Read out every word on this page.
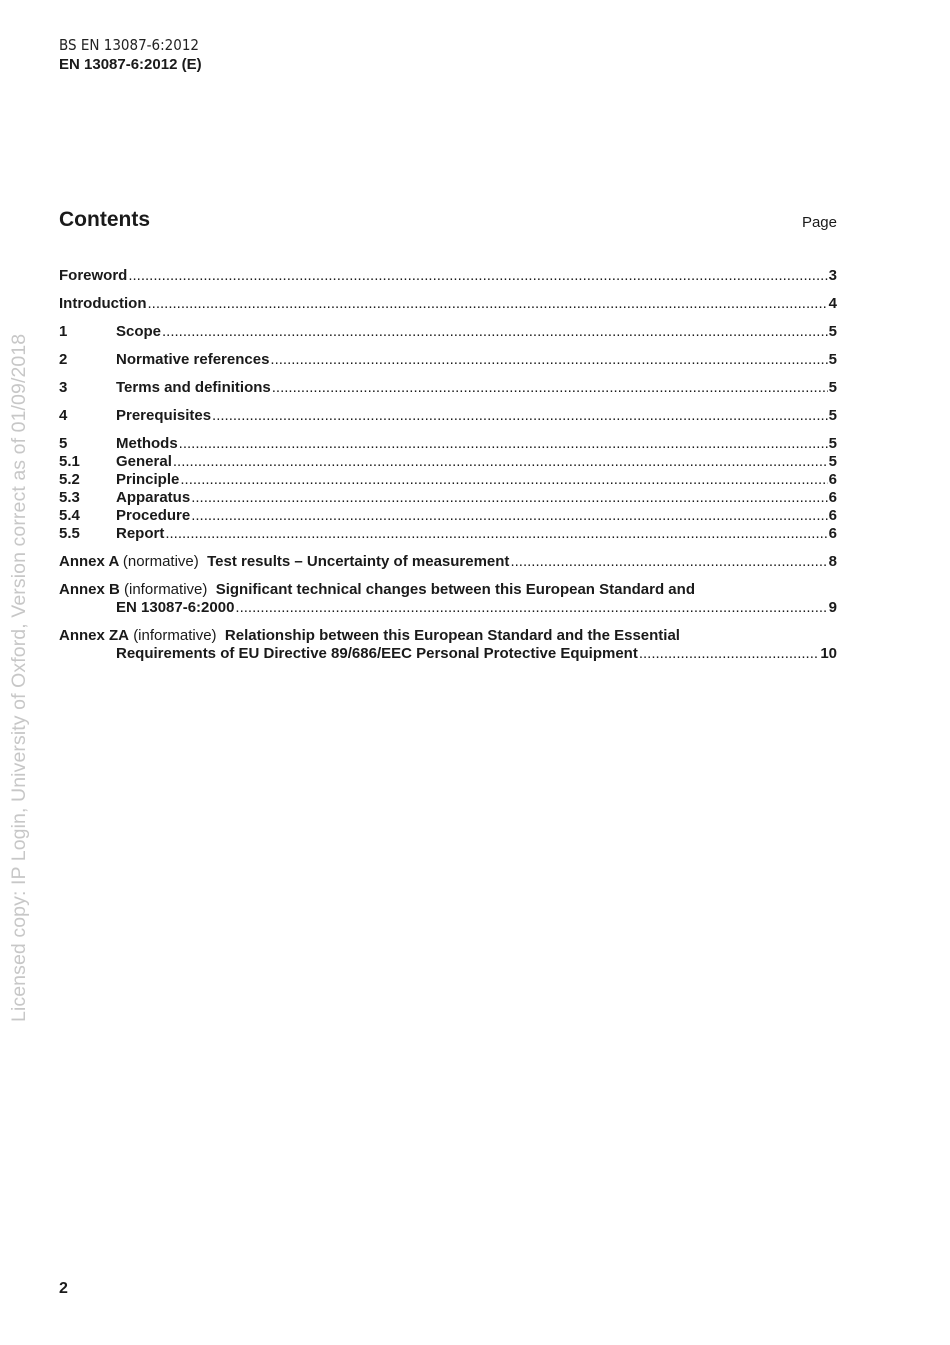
BS EN 13087-6:2012
EN 13087-6:2012 (E)
Contents	Page
Foreword .....	3
Introduction .....	4
1	Scope .....	5
2	Normative references .....	5
3	Terms and definitions .....	5
4	Prerequisites .....	5
5	Methods .....	5
5.1	General .....	5
5.2	Principle .....	6
5.3	Apparatus .....	6
5.4	Procedure .....	6
5.5	Report .....	6
Annex A (normative) Test results – Uncertainty of measurement .....	8
Annex B (informative) Significant technical changes between this European Standard and
EN 13087-6:2000 .....	9
Annex ZA (informative) Relationship between this European Standard and the Essential
Requirements of EU Directive 89/686/EEC Personal Protective Equipment .....	10
Licensed copy: IP Login, University of Oxford, Version correct as of 01/09/2018
2
